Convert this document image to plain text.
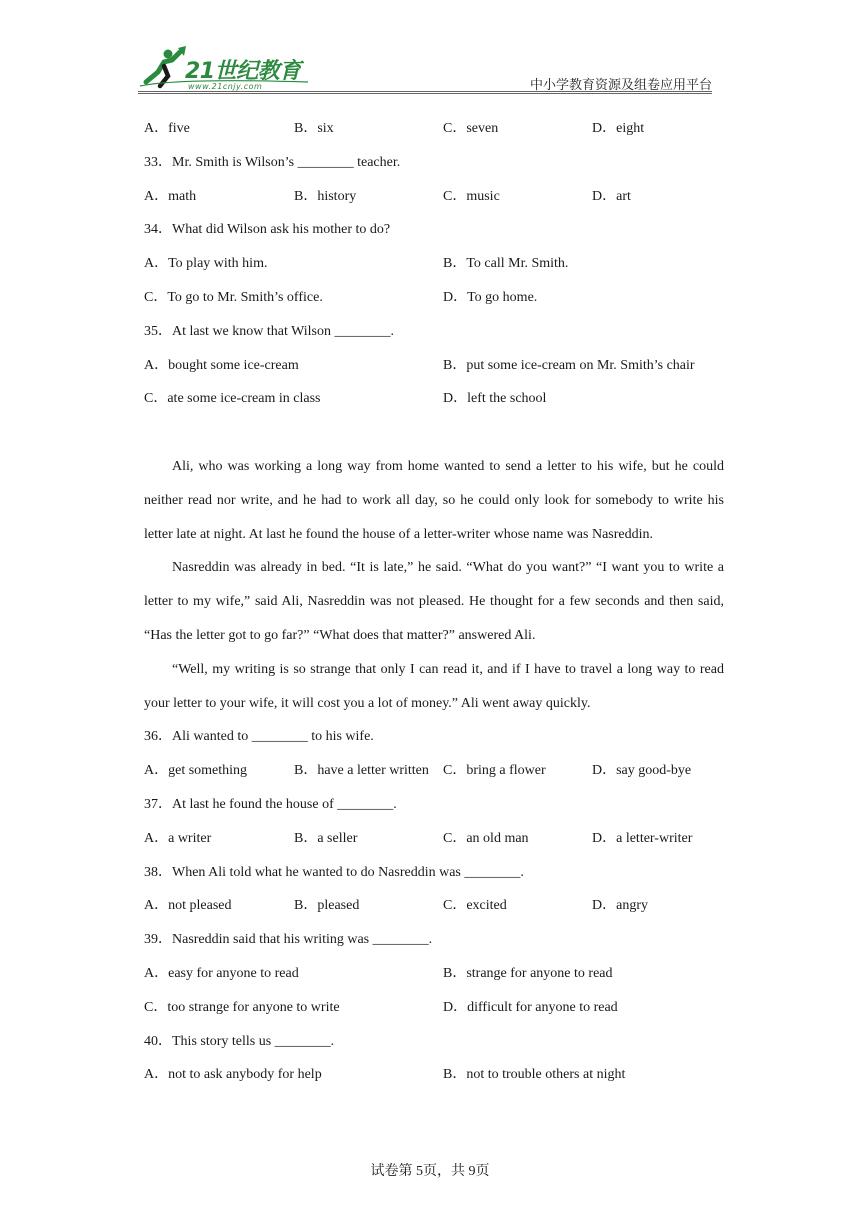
21世纪教育
www.21cnjy.com	中小学教育资源及组卷应用平台
A．five	B．six	C．seven	D．eight
33．Mr. Smith is Wilson’s ________ teacher.
A．math	B．history	C．music	D．art
34．What did Wilson ask his mother to do?
A．To play with him.	B．To call Mr. Smith.
C．To go to Mr. Smith’s office.	D．To go home.
35．At last we know that Wilson ________.
A．bought some ice-cream	B．put some ice-cream on Mr. Smith’s chair
C．ate some ice-cream in class	D．left the school

Ali, who was working a long way from home wanted to send a letter to his wife, but he could neither read nor write, and he had to work all day, so he could only look for somebody to write his letter late at night. At last he found the house of a letter-writer whose name was Nasreddin.

Nasreddin was already in bed. “It is late,” he said. “What do you want?” “I want you to write a letter to my wife,” said Ali, Nasreddin was not pleased. He thought for a few seconds and then said, “Has the letter got to go far?” “What does that matter?” answered Ali.

“Well, my writing is so strange that only I can read it, and if I have to travel a long way to read your letter to your wife, it will cost you a lot of money.” Ali went away quickly.

36．Ali wanted to ________ to his wife.
A．get something	B．have a letter written C．bring a flower	D．say good-bye
37．At last he found the house of ________.
A．a writer	B．a seller	C．an old man	D．a letter-writer
38．When Ali told what he wanted to do Nasreddin was ________.
A．not pleased	B．pleased	C．excited	D．angry
39．Nasreddin said that his writing was ________.
A．easy for anyone to read	B．strange for anyone to read
C．too strange for anyone to write	D．difficult for anyone to read
40．This story tells us ________.
A．not to ask anybody for help	B．not to trouble others at night
试卷第 5页，共 9页
